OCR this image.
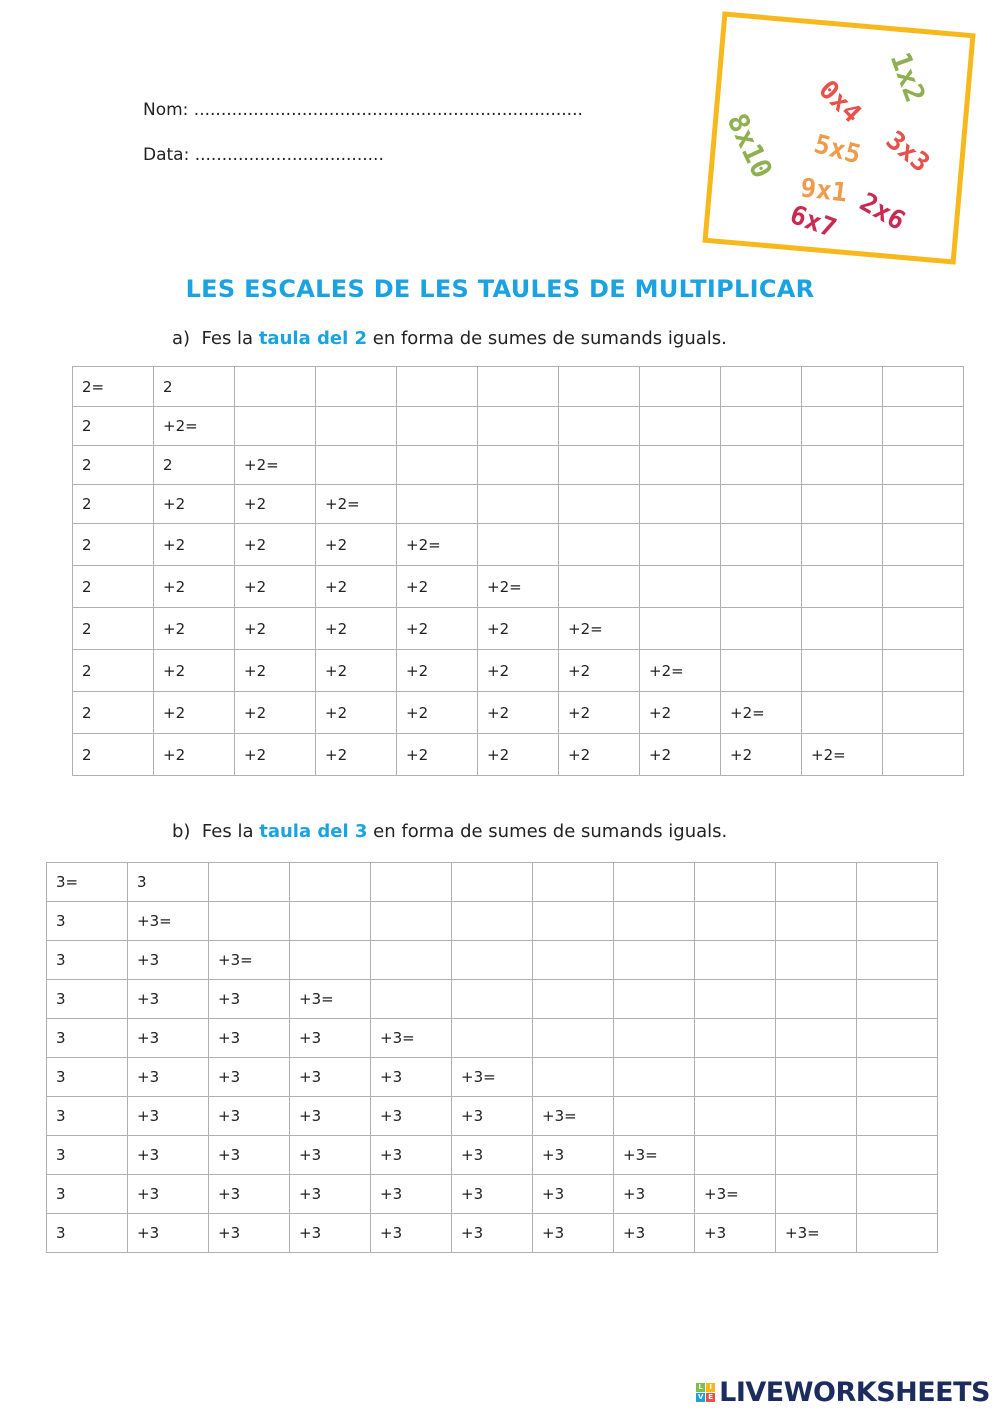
Nom: ........................................................................
Data: ...................................
1x2
0x4
3x3
8x10 5x5
9x1 2x6
6x7
LES ESCALES DE LES TAULES DE MULTIPLICAR
a) Fes la taula del 2 en forma de sumes de sumands iguals.
2=	2									
2	+2=									
2	2	+2=								
2	+2	+2	+2=							
2	+2	+2	+2	+2=						
2	+2	+2	+2	+2	+2=					
2	+2	+2	+2	+2	+2	+2=				
2	+2	+2	+2	+2	+2	+2	+2=			
2	+2	+2	+2	+2	+2	+2	+2	+2=		
2	+2	+2	+2	+2	+2	+2	+2	+2	+2=	
b) Fes la taula del 3 en forma de sumes de sumands iguals.
3=	3									
3	+3=									
3	+3	+3=								
3	+3	+3	+3=							
3	+3	+3	+3	+3=						
3	+3	+3	+3	+3	+3=					
3	+3	+3	+3	+3	+3	+3=				
3	+3	+3	+3	+3	+3	+3	+3=			
3	+3	+3	+3	+3	+3	+3	+3	+3=		
3	+3	+3	+3	+3	+3	+3	+3	+3	+3=	
L I
V E LIVEWORKSHEETS
